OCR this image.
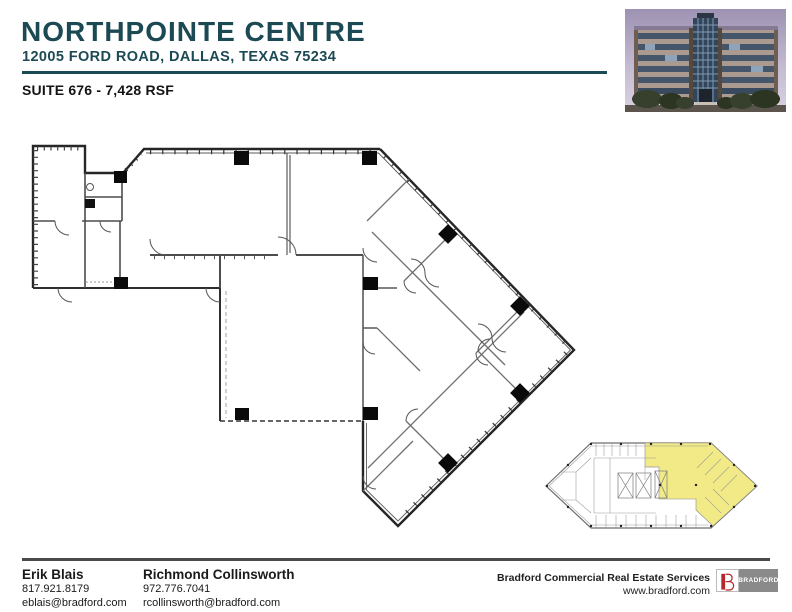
NORTHPOINTE CENTRE
12005 FORD ROAD, DALLAS, TEXAS 75234
SUITE 676 - 7,428 RSF
Erik Blais
817.921.8179
eblais@bradford.com
Richmond Collinsworth
972.776.7041
rcollinsworth@bradford.com
Bradford Commercial Real Estate Services
www.bradford.com
BRADFORD
